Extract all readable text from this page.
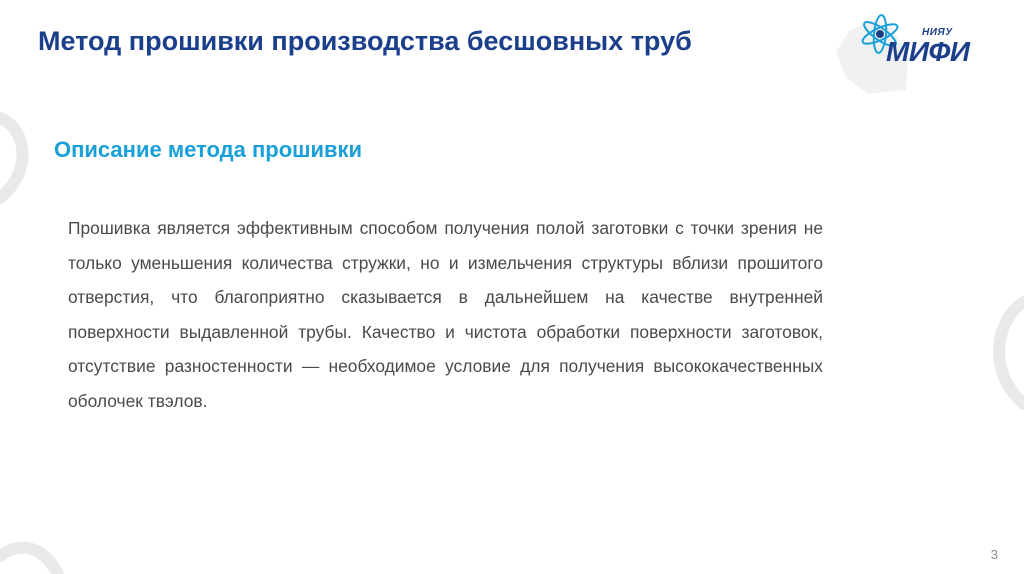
Метод прошивки производства бесшовных труб	НИЯУ
МИФИ
Описание метода прошивки

Прошивка является эффективным способом получения полой заготовки с точки зрения не только уменьшения количества стружки, но и измельчения структуры вблизи прошитого отверстия, что благоприятно сказывается в дальнейшем на качестве внутренней поверхности выдавленной трубы. Качество и чистота обработки поверхности заготовок, отсутствие разностенности — необходимое условие для получения высококачественных оболочек твэлов.

3
